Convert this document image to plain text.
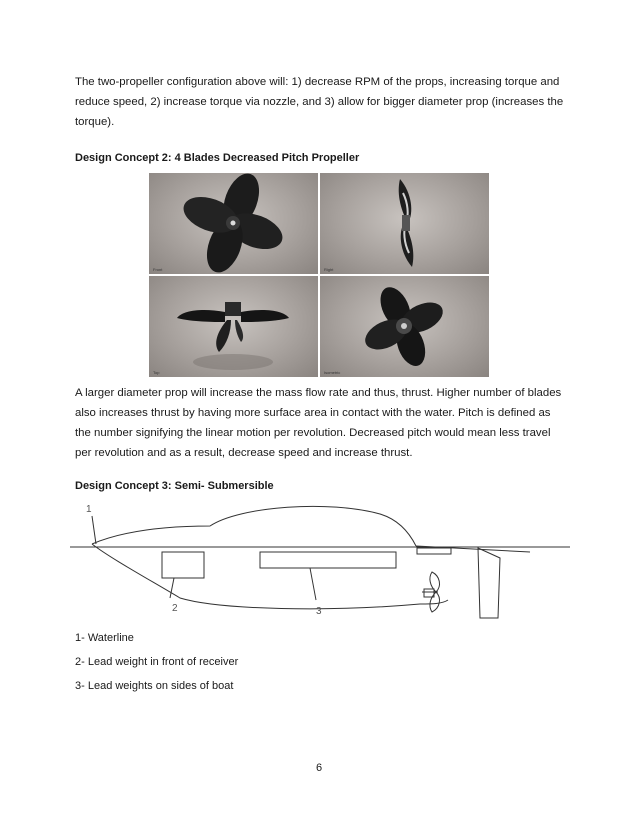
The two-propeller configuration above will: 1) decrease RPM of the props, increasing torque and reduce speed, 2) increase torque via nozzle, and 3) allow for bigger diameter prop (increases the torque).
Design Concept 2: 4 Blades Decreased Pitch Propeller
Front	Right
Top	Isometric
A larger diameter prop will increase the mass flow rate and thus, thrust. Higher number of blades also increases thrust by having more surface area in contact with the water. Pitch is defined as the number signifying the linear motion per revolution. Decreased pitch would mean less travel per revolution and as a result, decrease speed and increase thrust.
Design Concept 3: Semi- Submersible
1
2	3
1- Waterline
2- Lead weight in front of receiver
3- Lead weights on sides of boat
6
